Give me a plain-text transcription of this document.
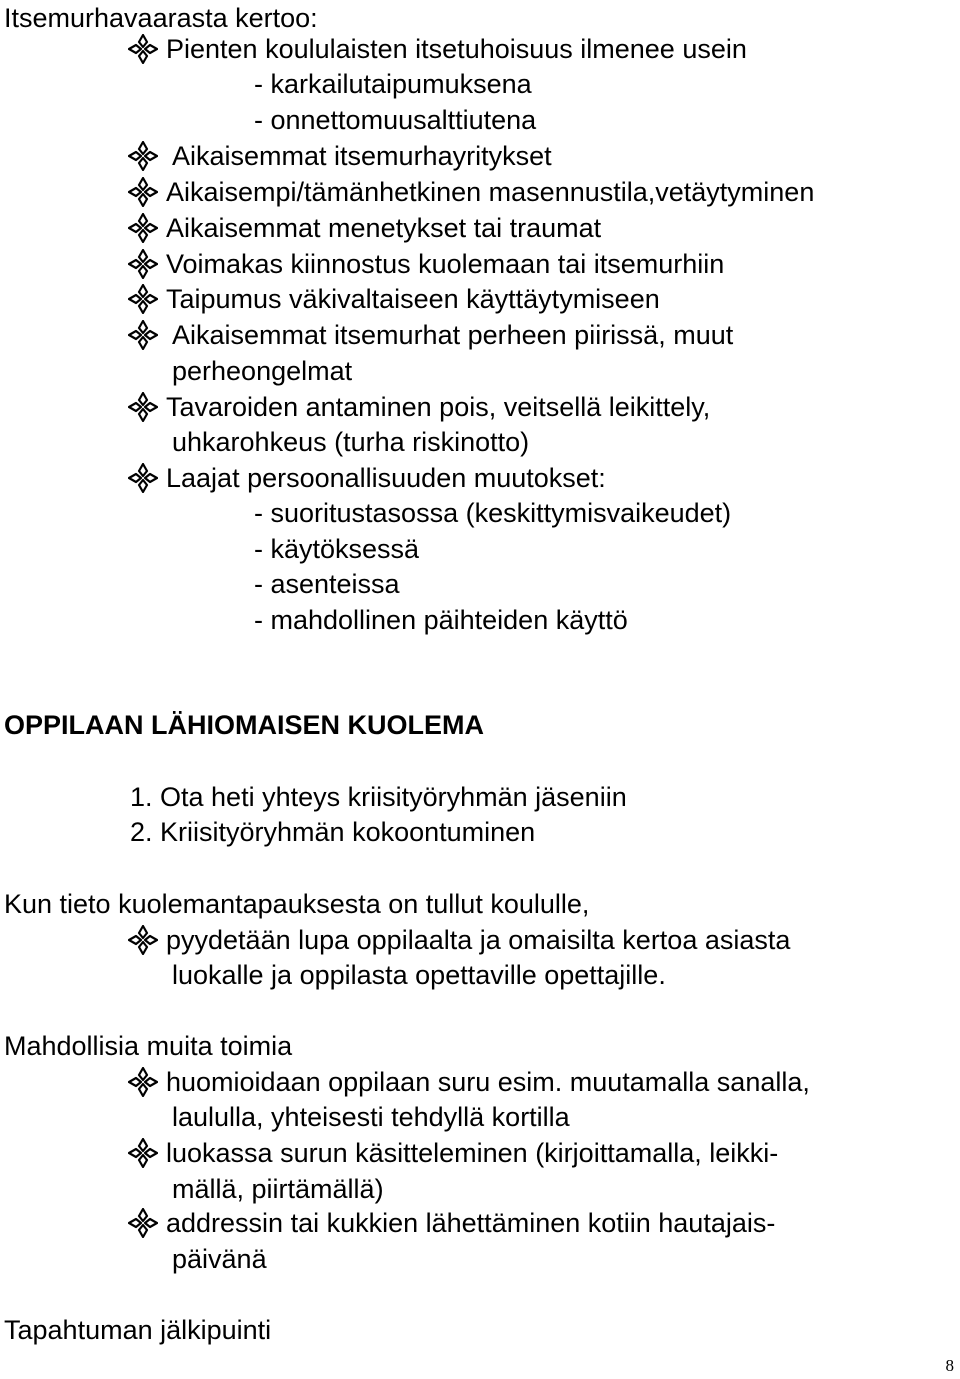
Itsemurhavaarasta kertoo:
Pienten koululaisten itsetuhoisuus ilmenee usein
- karkailutaipumuksena
- onnettomuusalttiutena
Aikaisemmat itsemurhayritykset
Aikaisempi/tämänhetkinen masennustila,vetäytyminen
Aikaisemmat menetykset tai traumat
Voimakas kiinnostus kuolemaan tai itsemurhiin
Taipumus väkivaltaiseen käyttäytymiseen
Aikaisemmat itsemurhat perheen piirissä, muut
perheongelmat
Tavaroiden antaminen pois, veitsellä leikittely,
uhkarohkeus (turha riskinotto)
Laajat persoonallisuuden muutokset:
- suoritustasossa (keskittymisvaikeudet)
- käytöksessä
- asenteissa
- mahdollinen päihteiden käyttö
OPPILAAN LÄHIOMAISEN KUOLEMA
1. Ota heti yhteys kriisityöryhmän jäseniin
2. Kriisityöryhmän kokoontuminen
Kun tieto kuolemantapauksesta on tullut koululle,
pyydetään lupa oppilaalta ja omaisilta kertoa asiasta
luokalle ja oppilasta opettaville opettajille.
Mahdollisia muita toimia
huomioidaan oppilaan suru esim. muutamalla sanalla,
laululla, yhteisesti tehdyllä kortilla
luokassa surun käsitteleminen (kirjoittamalla, leikki-
mällä, piirtämällä)
addressin tai kukkien lähettäminen kotiin hautajais-
päivänä
Tapahtuman jälkipuinti
8
